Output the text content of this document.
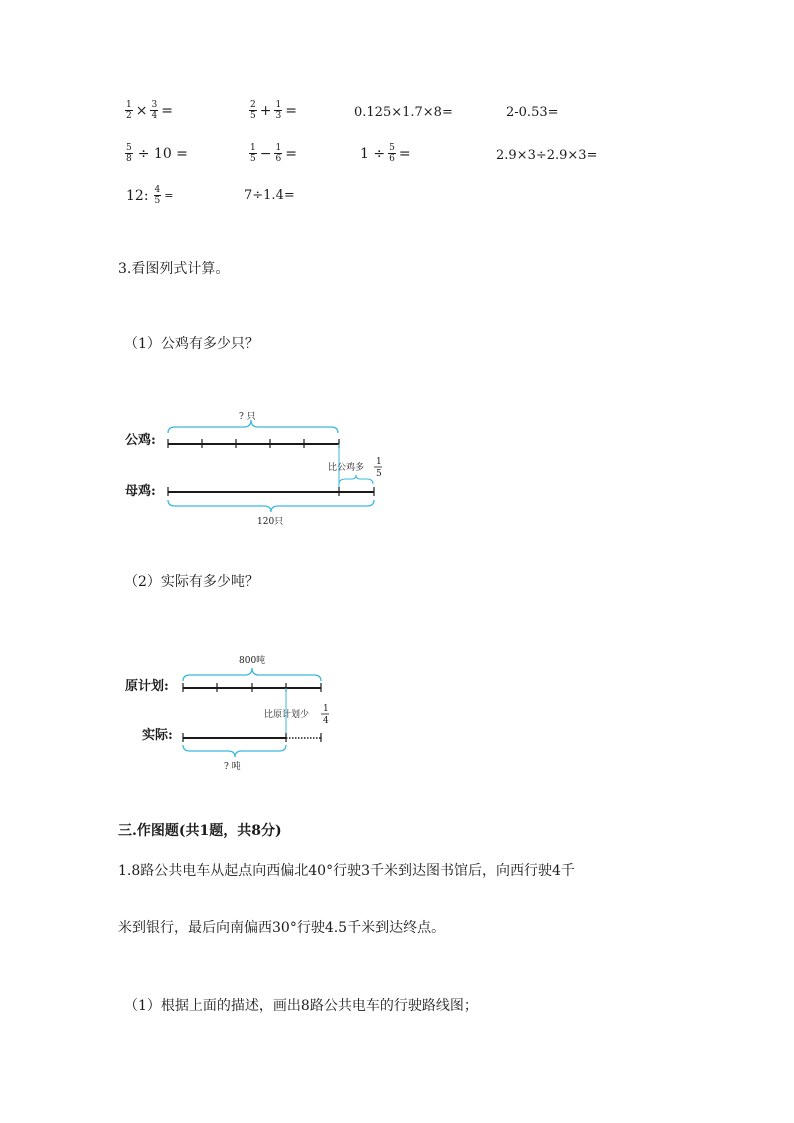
$\frac{1}{2} \times \frac{3}{4}$ =	$\frac{2}{5} + \frac{1}{3}$ =	0.125×1.7×8=	2-0.53=
$\frac{5}{8} \div 10$ =	$\frac{1}{5} - \frac{1}{6}$ =	$1 \div \frac{5}{6}$ =	2.9×3÷2.9×3=
12: $\frac{4}{5}$ =	7÷1.4=
3.看图列式计算。
（1）公鸡有多少只？
公鸡:
母鸡:
? 只
比公鸡多
1
5
120只
（2）实际有多少吨？
原计划:
实际:
800吨
比原计划少
1
4
? 吨
三.作图题(共1题，共8分)
1.8路公共电车从起点向西偏北40°行驶3千米到达图书馆后，向西行驶4千
米到银行，最后向南偏西30°行驶4.5千米到达终点。
（1）根据上面的描述，画出8路公共电车的行驶路线图；
